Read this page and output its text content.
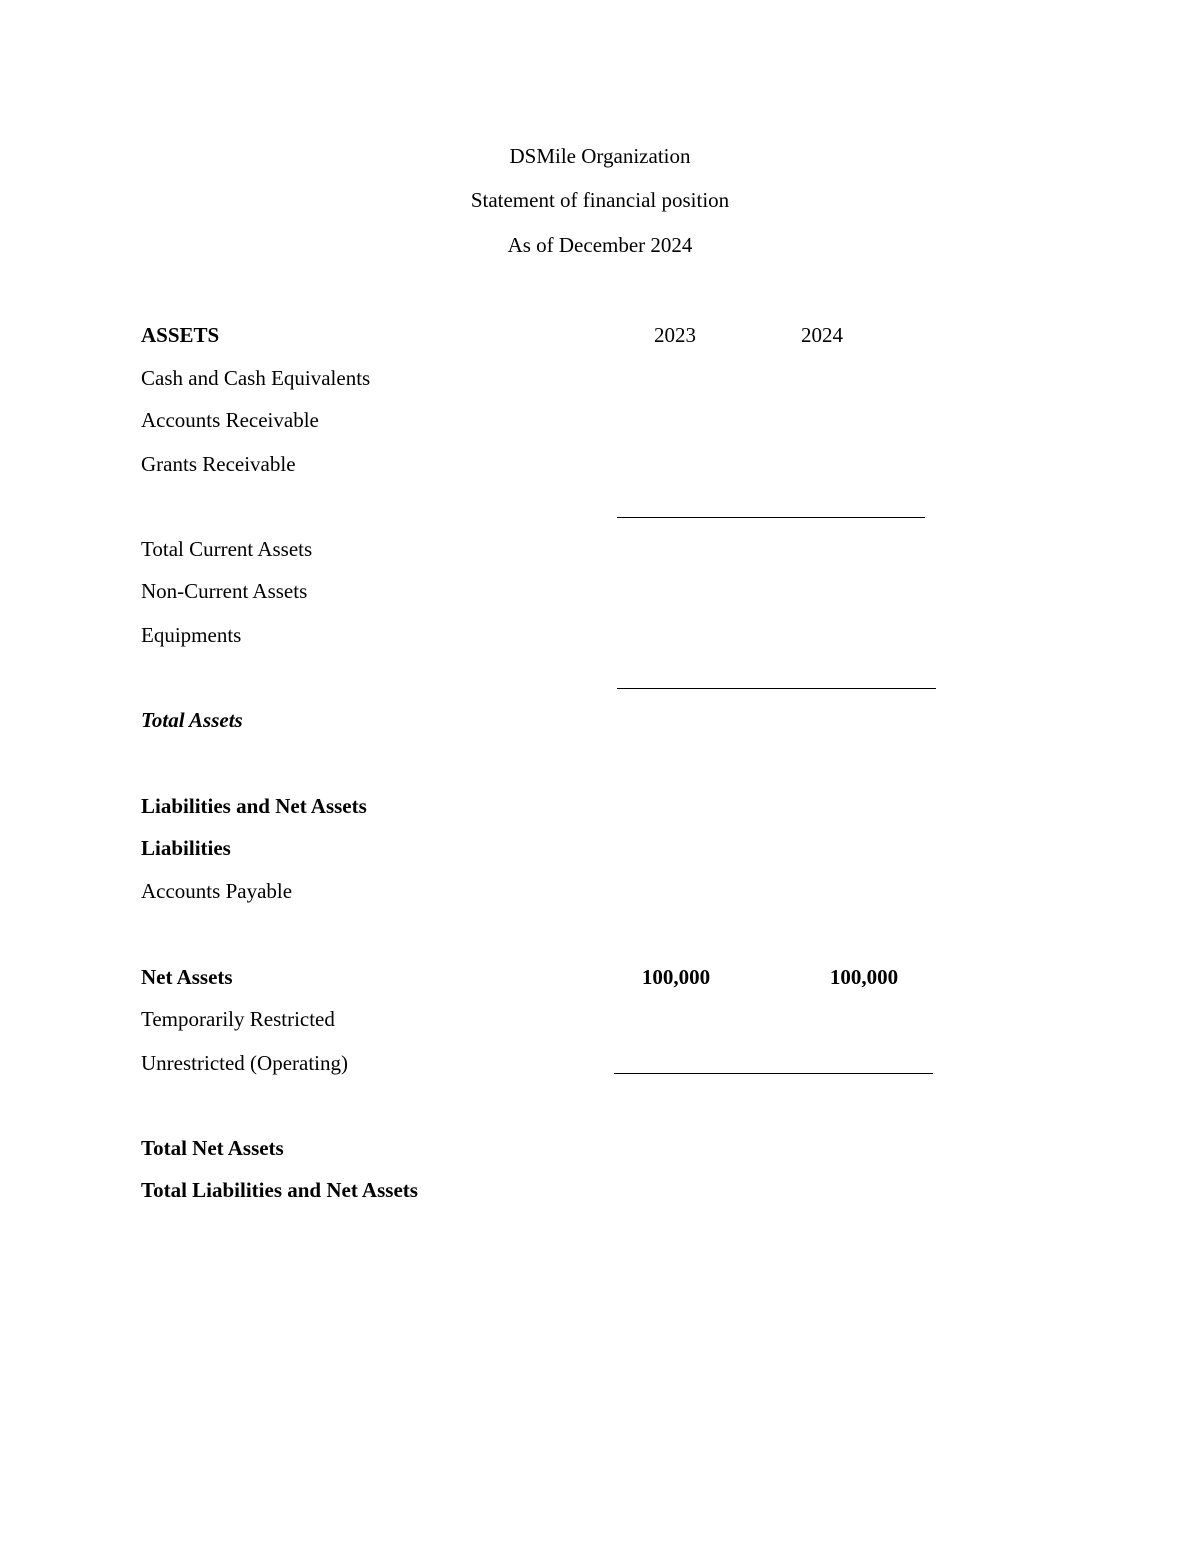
DSMile Organization
Statement of financial position
As of December 2024
ASSETS	2023	2024
Cash and Cash Equivalents
Accounts Receivable
Grants Receivable
Total Current Assets
Non-Current Assets
Equipments
Total Assets
Liabilities and Net Assets
Liabilities
Accounts Payable
Net Assets	100,000	100,000
Temporarily Restricted
Unrestricted (Operating)
Total Net Assets
Total Liabilities and Net Assets
